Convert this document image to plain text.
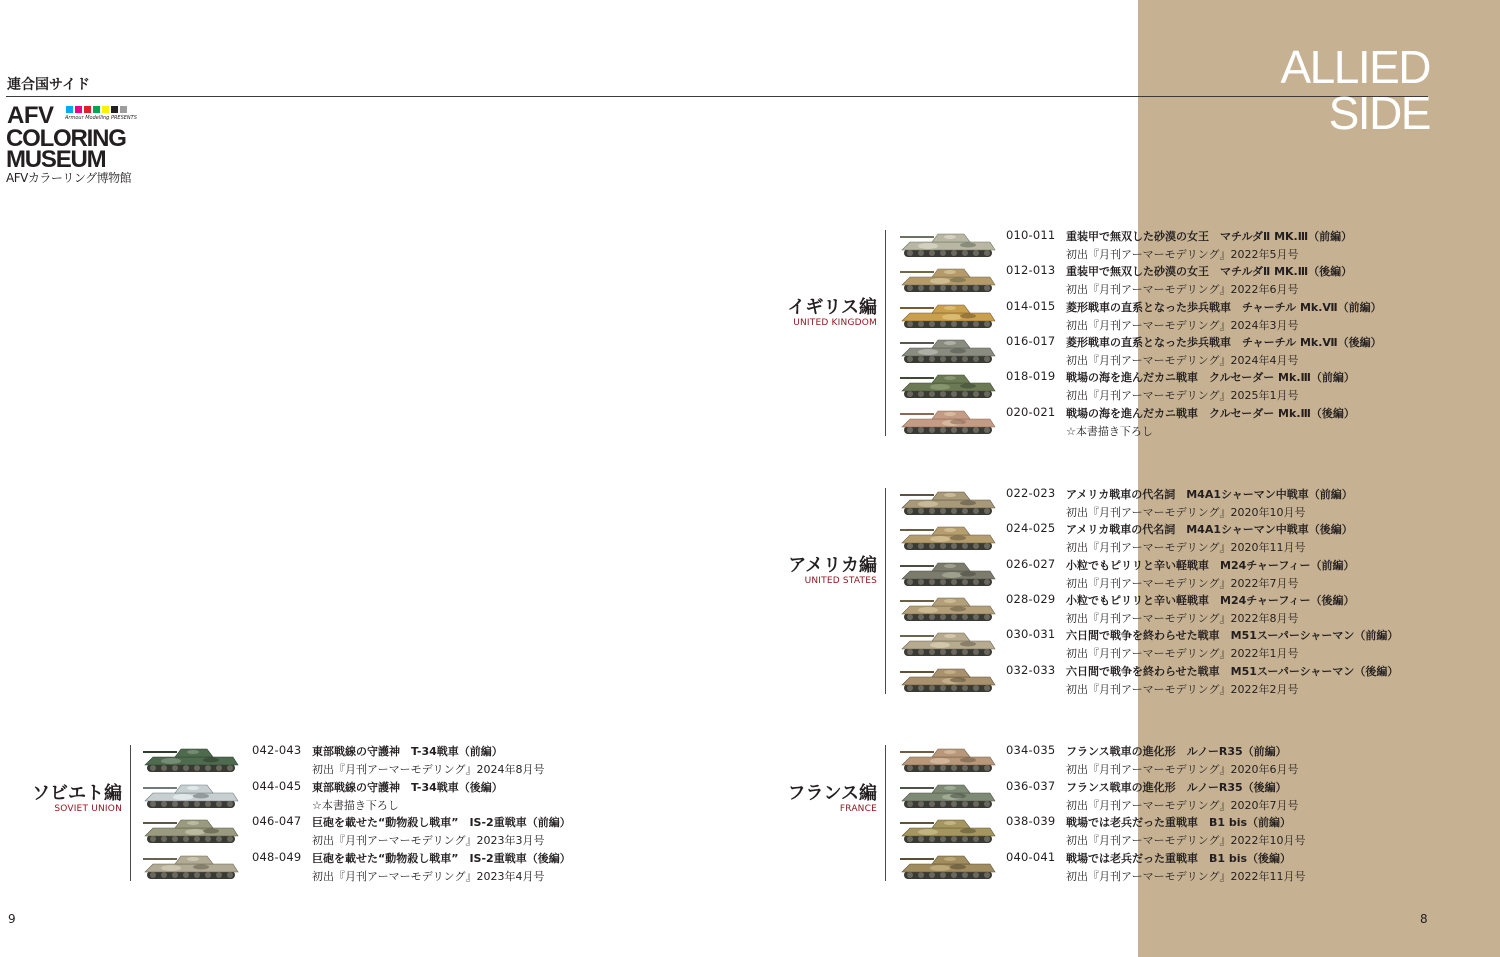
連合国サイド	ALLIED SIDE
AFV Armour Modelling PRESENTS
COLORING
MUSEUM
AFVカラーリング博物館
イギリス編
UNITED KINGDOM
010-011 重装甲で無双した砂漠の女王　マチルダⅡ MK.Ⅲ（前編）
初出『月刊アーマーモデリング』2022年5月号
012-013 重装甲で無双した砂漠の女王　マチルダⅡ MK.Ⅲ（後編）
初出『月刊アーマーモデリング』2022年6月号
014-015 菱形戦車の直系となった歩兵戦車　チャーチル Mk.Ⅶ（前編）
初出『月刊アーマーモデリング』2024年3月号
016-017 菱形戦車の直系となった歩兵戦車　チャーチル Mk.Ⅶ（後編）
初出『月刊アーマーモデリング』2024年4月号
018-019 戦場の海を進んだカニ戦車　クルセーダー Mk.Ⅲ（前編）
初出『月刊アーマーモデリング』2025年1月号
020-021 戦場の海を進んだカニ戦車　クルセーダー Mk.Ⅲ（後編）
☆本書描き下ろし
アメリカ編
UNITED STATES
022-023 アメリカ戦車の代名詞　M4A1シャーマン中戦車（前編）
初出『月刊アーマーモデリング』2020年10月号
024-025 アメリカ戦車の代名詞　M4A1シャーマン中戦車（後編）
初出『月刊アーマーモデリング』2020年11月号
026-027 小粒でもピリリと辛い軽戦車　M24チャーフィー（前編）
初出『月刊アーマーモデリング』2022年7月号
028-029 小粒でもピリリと辛い軽戦車　M24チャーフィー（後編）
初出『月刊アーマーモデリング』2022年8月号
030-031 六日間で戦争を終わらせた戦車　M51スーパーシャーマン（前編）
初出『月刊アーマーモデリング』2022年1月号
032-033 六日間で戦争を終わらせた戦車　M51スーパーシャーマン（後編）
初出『月刊アーマーモデリング』2022年2月号
ソビエト編
SOVIET UNION
042-043 東部戦線の守護神　T-34戦車（前編）
初出『月刊アーマーモデリング』2024年8月号
044-045 東部戦線の守護神　T-34戦車（後編）
☆本書描き下ろし
046-047 巨砲を載せた“動物殺し戦車”　IS-2重戦車（前編）
初出『月刊アーマーモデリング』2023年3月号
048-049 巨砲を載せた“動物殺し戦車”　IS-2重戦車（後編）
初出『月刊アーマーモデリング』2023年4月号
フランス編
FRANCE
034-035 フランス戦車の進化形　ルノーR35（前編）
初出『月刊アーマーモデリング』2020年6月号
036-037 フランス戦車の進化形　ルノーR35（後編）
初出『月刊アーマーモデリング』2020年7月号
038-039 戦場では老兵だった重戦車　B1 bis（前編）
初出『月刊アーマーモデリング』2022年10月号
040-041 戦場では老兵だった重戦車　B1 bis（後編）
初出『月刊アーマーモデリング』2022年11月号
9	8
